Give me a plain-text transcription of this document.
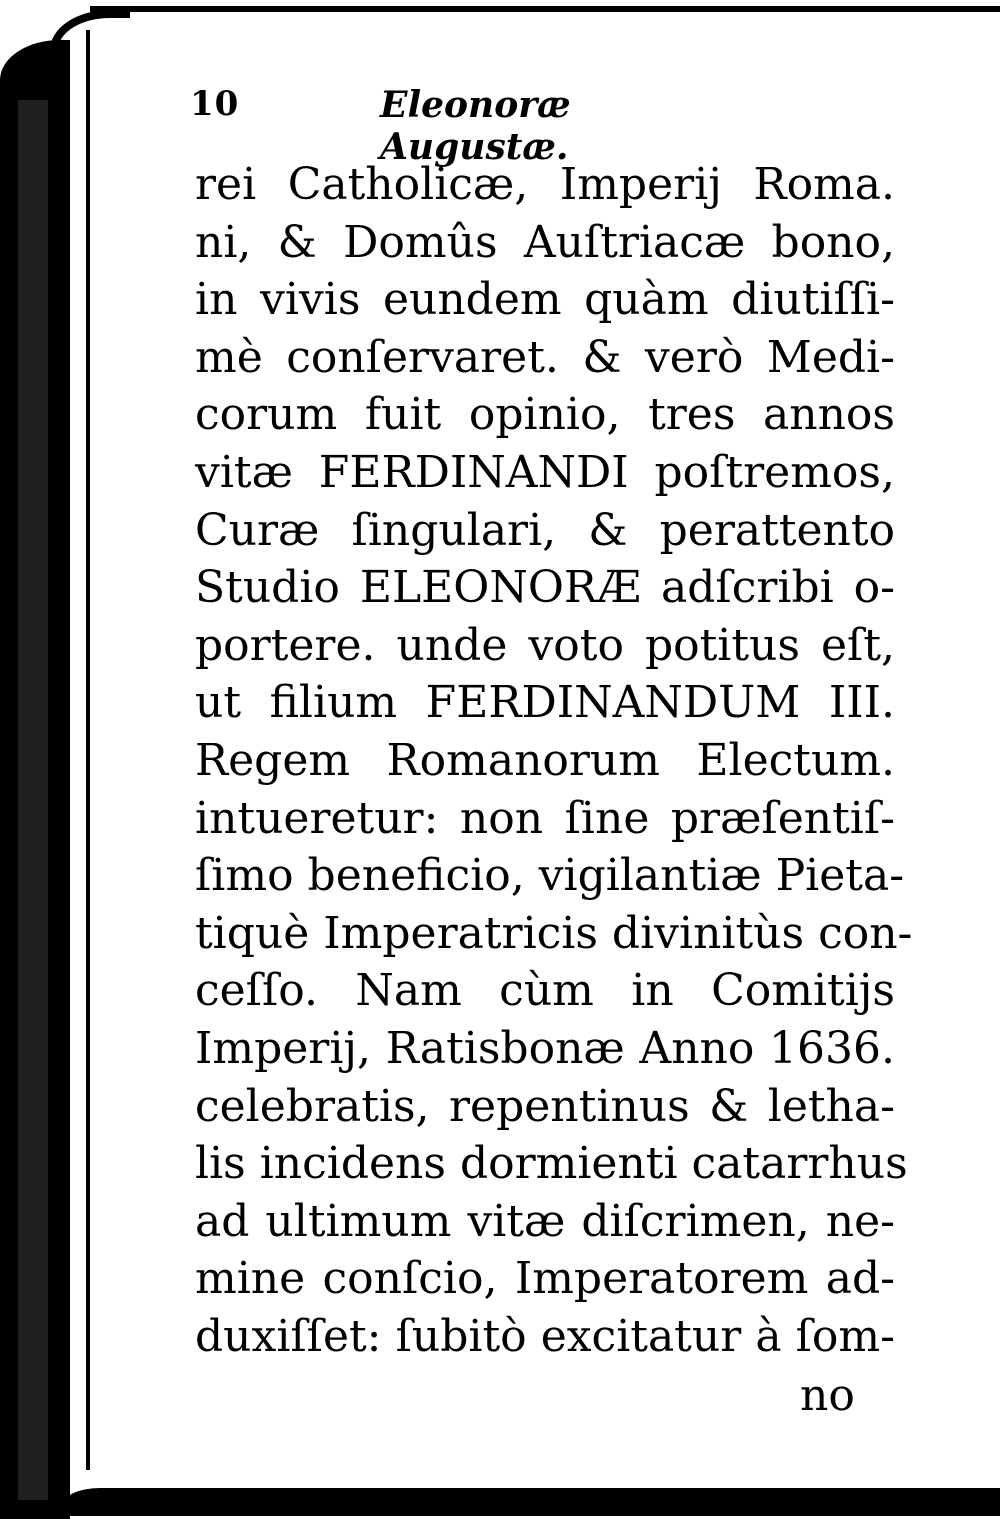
10	Eleonoræ Augustæ.
rei Catholicæ, Imperij Roma.
ni, & Domûs Auſtriacæ bono,
in vivis eundem quàm diutiſſi-
mè conſervaret. & verò Medi-
corum fuit opinio, tres annos
vitæ FERDINANDI poſtremos,
Curæ ſingulari, & perattento
Studio ELEONORÆ adſcribi o-
portere. unde voto potitus eſt,
ut filium FERDINANDUM III.
Regem Romanorum Electum.
intueretur: non ſine præſentiſ-
ſimo beneficio, vigilantiæ Pieta-
tiquè Imperatricis divinitùs con-
ceſſo. Nam cùm in Comitijs
Imperij, Ratisbonæ Anno 1636.
celebratis, repentinus & letha-
lis incidens dormienti catarrhus
ad ultimum vitæ diſcrimen, ne-
mine conſcio, Imperatorem ad-
duxiſſet: ſubitò excitatur à ſom-
no
